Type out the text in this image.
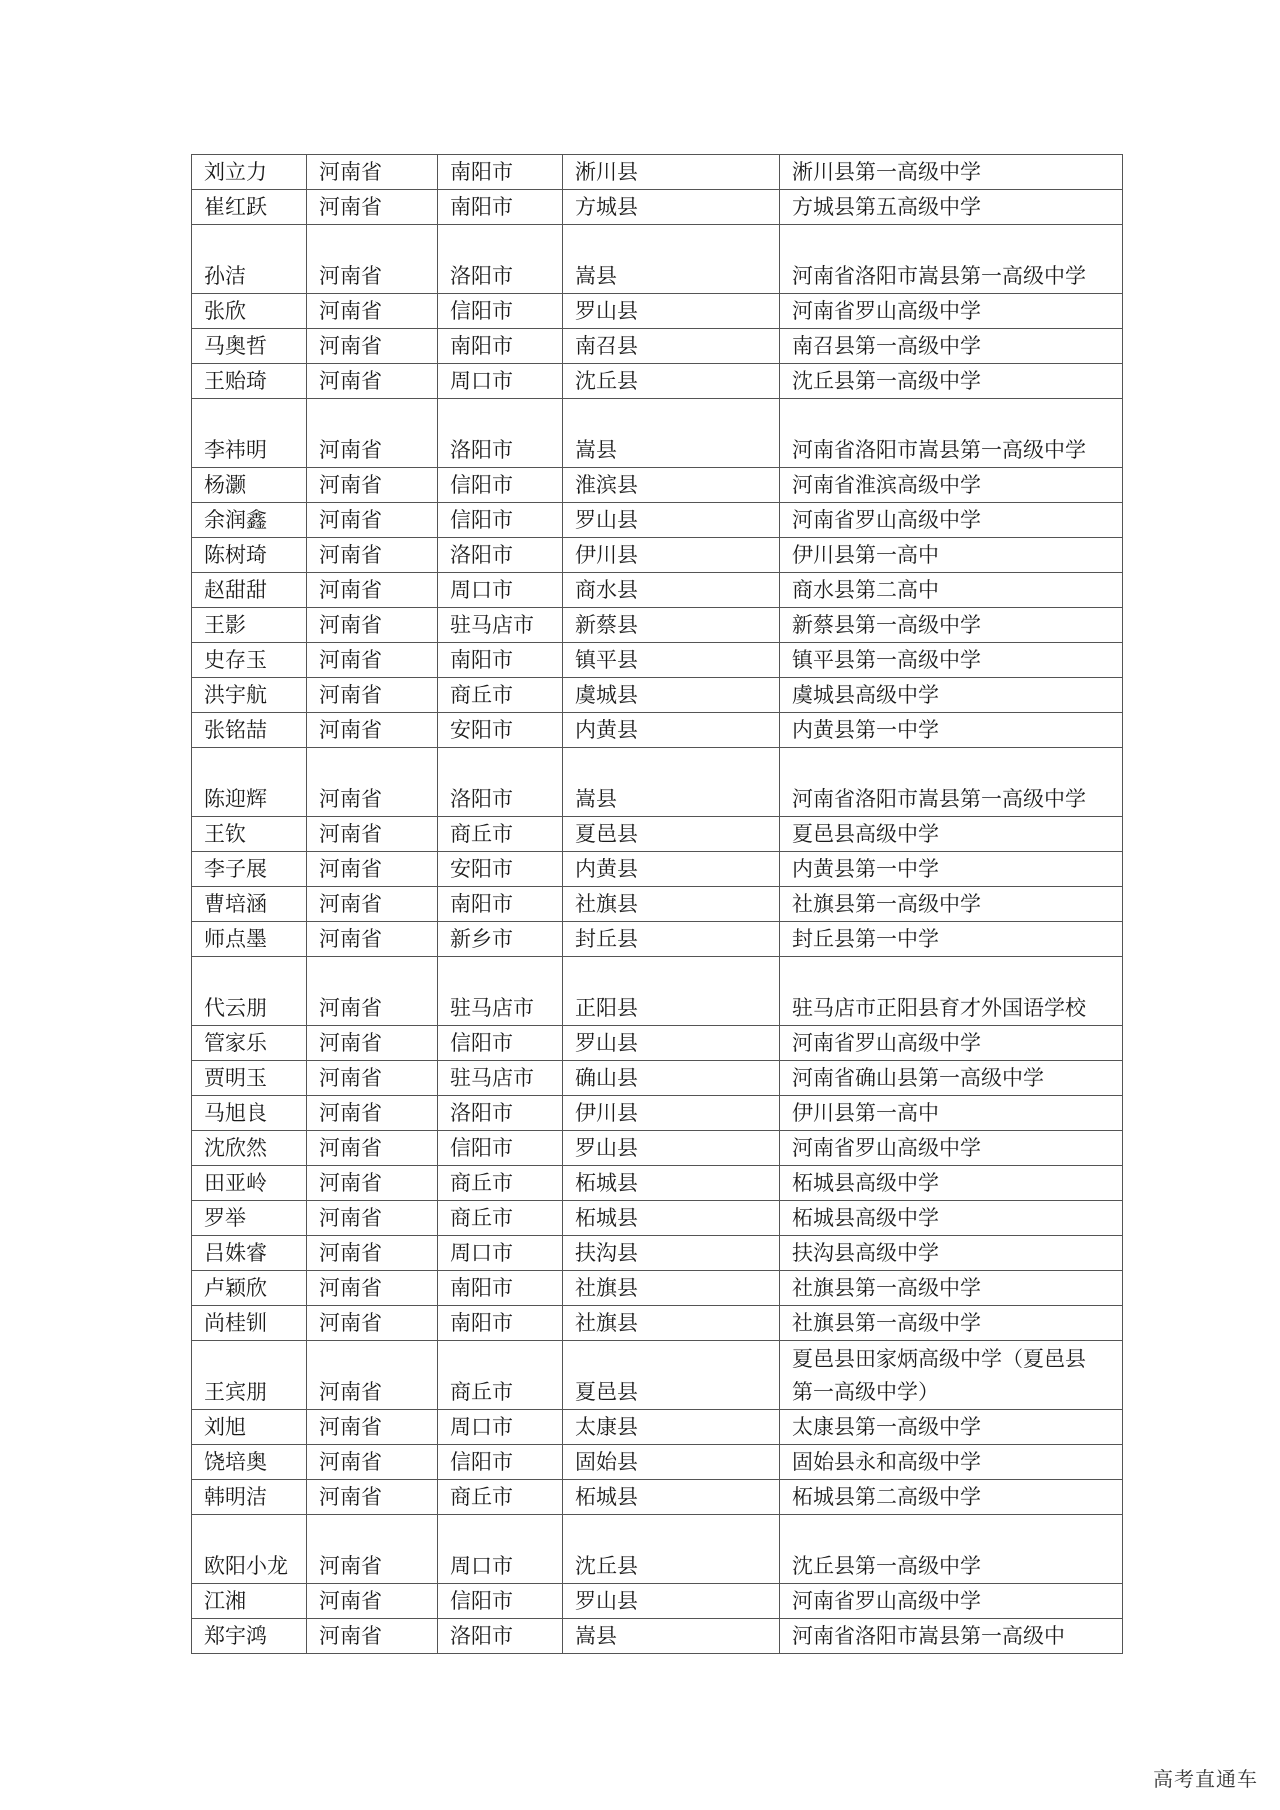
刘立力	河南省	南阳市	淅川县	淅川县第一高级中学
崔红跃	河南省	南阳市	方城县	方城县第五高级中学
孙洁	河南省	洛阳市	嵩县	河南省洛阳市嵩县第一高级中学
张欣	河南省	信阳市	罗山县	河南省罗山高级中学
马奥哲	河南省	南阳市	南召县	南召县第一高级中学
王贻琦	河南省	周口市	沈丘县	沈丘县第一高级中学
李祎明	河南省	洛阳市	嵩县	河南省洛阳市嵩县第一高级中学
杨灏	河南省	信阳市	淮滨县	河南省淮滨高级中学
余润鑫	河南省	信阳市	罗山县	河南省罗山高级中学
陈树琦	河南省	洛阳市	伊川县	伊川县第一高中
赵甜甜	河南省	周口市	商水县	商水县第二高中
王影	河南省	驻马店市	新蔡县	新蔡县第一高级中学
史存玉	河南省	南阳市	镇平县	镇平县第一高级中学
洪宇航	河南省	商丘市	虞城县	虞城县高级中学
张铭喆	河南省	安阳市	内黄县	内黄县第一中学
陈迎辉	河南省	洛阳市	嵩县	河南省洛阳市嵩县第一高级中学
王钦	河南省	商丘市	夏邑县	夏邑县高级中学
李子展	河南省	安阳市	内黄县	内黄县第一中学
曹培涵	河南省	南阳市	社旗县	社旗县第一高级中学
师点墨	河南省	新乡市	封丘县	封丘县第一中学
代云朋	河南省	驻马店市	正阳县	驻马店市正阳县育才外国语学校
管家乐	河南省	信阳市	罗山县	河南省罗山高级中学
贾明玉	河南省	驻马店市	确山县	河南省确山县第一高级中学
马旭良	河南省	洛阳市	伊川县	伊川县第一高中
沈欣然	河南省	信阳市	罗山县	河南省罗山高级中学
田亚岭	河南省	商丘市	柘城县	柘城县高级中学
罗举	河南省	商丘市	柘城县	柘城县高级中学
吕姝睿	河南省	周口市	扶沟县	扶沟县高级中学
卢颖欣	河南省	南阳市	社旗县	社旗县第一高级中学
尚桂钏	河南省	南阳市	社旗县	社旗县第一高级中学
王宾朋	河南省	商丘市	夏邑县	夏邑县田家炳高级中学（夏邑县第一高级中学）
刘旭	河南省	周口市	太康县	太康县第一高级中学
饶培奥	河南省	信阳市	固始县	固始县永和高级中学
韩明洁	河南省	商丘市	柘城县	柘城县第二高级中学
欧阳小龙	河南省	周口市	沈丘县	沈丘县第一高级中学
江湘	河南省	信阳市	罗山县	河南省罗山高级中学
郑宇鸿	河南省	洛阳市	嵩县	河南省洛阳市嵩县第一高级中
高考直通车
